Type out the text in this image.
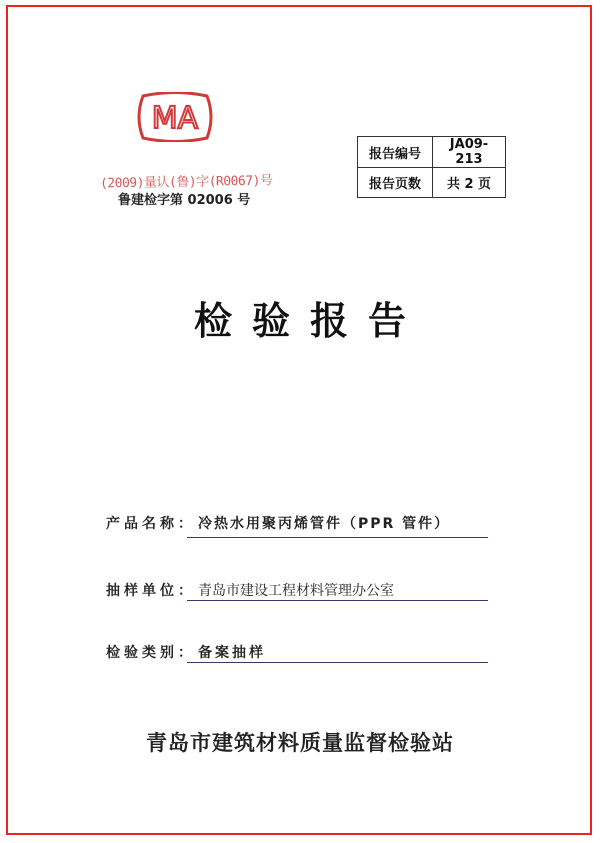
MA
(2009)量认(鲁)字(R0067)号
鲁建检字第 02006 号
报告编号	JA09-213
报告页数	共 2 页
检验报告
产品名称： 冷热水用聚丙烯管件（PPR 管件）
抽样单位： 青岛市建设工程材料管理办公室
检验类别： 备案抽样
青岛市建筑材料质量监督检验站
